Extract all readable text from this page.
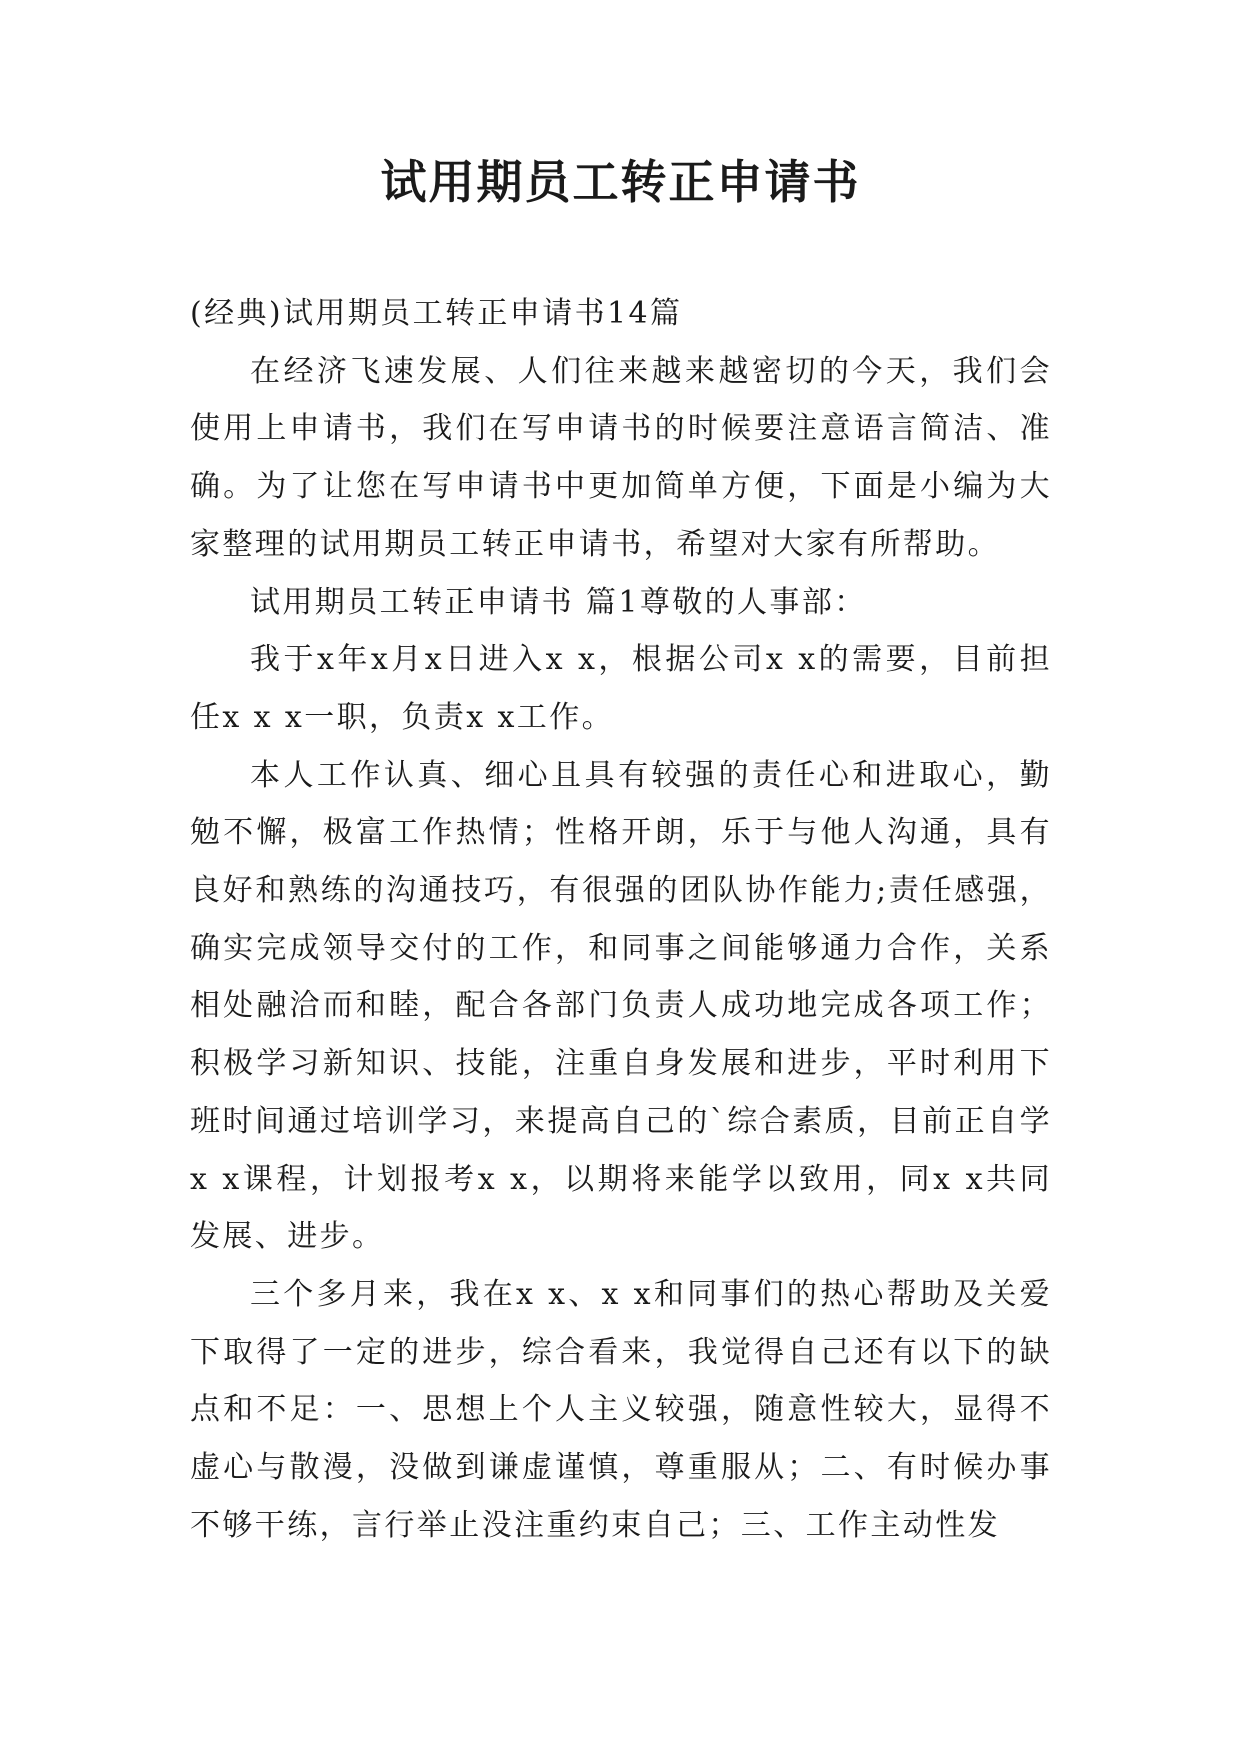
试用期员工转正申请书

(经典)试用期员工转正申请书14篇

在经济飞速发展、人们往来越来越密切的今天，我们会使用上申请书，我们在写申请书的时候要注意语言简洁、准确。为了让您在写申请书中更加简单方便，下面是小编为大家整理的试用期员工转正申请书，希望对大家有所帮助。

试用期员工转正申请书 篇1尊敬的人事部：

我于x年x月x日进入x x，根据公司x x的需要，目前担任x x x一职，负责x x工作。

本人工作认真、细心且具有较强的责任心和进取心，勤勉不懈，极富工作热情；性格开朗，乐于与他人沟通，具有良好和熟练的沟通技巧，有很强的团队协作能力;责任感强，确实完成领导交付的工作，和同事之间能够通力合作，关系相处融洽而和睦，配合各部门负责人成功地完成各项工作；积极学习新知识、技能，注重自身发展和进步，平时利用下班时间通过培训学习，来提高自己的`综合素质，目前正自学x x课程，计划报考x x，以期将来能学以致用，同x x共同发展、进步。

三个多月来，我在x x、x x和同事们的热心帮助及关爱下取得了一定的进步，综合看来，我觉得自己还有以下的缺点和不足：一、思想上个人主义较强，随意性较大，显得不虚心与散漫，没做到谦虚谨慎，尊重服从；二、有时候办事不够干练，言行举止没注重约束自己；三、工作主动性发
